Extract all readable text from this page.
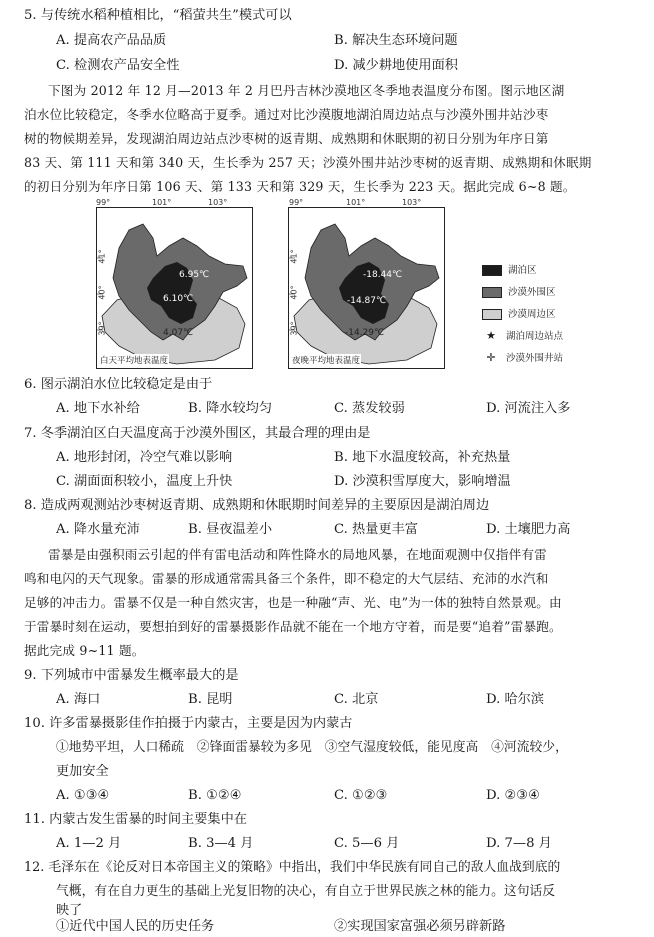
5. 与传统水稻种植相比，“稻萤共生”模式可以
A. 提高农产品品质	B. 解决生态环境问题
C. 检测农产品安全性	D. 减少耕地使用面积
下图为 2012 年 12 月—2013 年 2 月巴丹吉林沙漠地区冬季地表温度分布图。图示地区湖
泊水位比较稳定，冬季水位略高于夏季。通过对比沙漠腹地湖泊周边站点与沙漠外围井站沙枣
树的物候期差异，发现湖泊周边站点沙枣树的返青期、成熟期和休眠期的初日分别为年序日第
83 天、第 111 天和第 340 天，生长季为 257 天；沙漠外围井站沙枣树的返青期、成熟期和休眠期
的初日分别为年序日第 106 天、第 133 天和第 329 天，生长季为 223 天。据此完成 6~8 题。
99°	101°	103°	99°	101°	103°
41°
40°
39°
6.95℃
6.10℃
4.07℃
白天平均地表温度
41°
40°
39°
-18.44℃
-14.87℃
-14.29℃
夜晚平均地表温度
湖泊区
沙漠外围区
沙漠周边区
★ 湖泊周边站点
✛ 沙漠外围井站
6. 图示湖泊水位比较稳定是由于
A. 地下水补给	B. 降水较均匀	C. 蒸发较弱	D. 河流注入多
7. 冬季湖泊区白天温度高于沙漠外围区，其最合理的理由是
A. 地形封闭，冷空气难以影响	B. 地下水温度较高，补充热量
C. 湖面面积较小，温度上升快	D. 沙漠积雪厚度大，影响增温
8. 造成两观测站沙枣树返青期、成熟期和休眠期时间差异的主要原因是湖泊周边
A. 降水量充沛	B. 昼夜温差小	C. 热量更丰富	D. 土壤肥力高
雷暴是由强积雨云引起的伴有雷电活动和阵性降水的局地风暴，在地面观测中仅指伴有雷
鸣和电闪的天气现象。雷暴的形成通常需具备三个条件，即不稳定的大气层结、充沛的水汽和
足够的冲击力。雷暴不仅是一种自然灾害，也是一种融“声、光、电”为一体的独特自然景观。由
于雷暴时刻在运动，要想拍到好的雷暴摄影作品就不能在一个地方守着，而是要“追着”雷暴跑。
据此完成 9~11 题。
9. 下列城市中雷暴发生概率最大的是
A. 海口	B. 昆明	C. 北京	D. 哈尔滨
10. 许多雷暴摄影佳作拍摄于内蒙古，主要是因为内蒙古
①地势平坦，人口稀疏　②锋面雷暴较为多见　③空气湿度较低，能见度高　④河流较少，
更加安全
A. ①③④	B. ①②④	C. ①②③	D. ②③④
11. 内蒙古发生雷暴的时间主要集中在
A. 1—2 月	B. 3—4 月	C. 5—6 月	D. 7—8 月
12. 毛泽东在《论反对日本帝国主义的策略》中指出，我们中华民族有同自己的敌人血战到底的
气概，有在自力更生的基础上光复旧物的决心，有自立于世界民族之林的能力。这句话反
映了
①近代中国人民的历史任务	②实现国家富强必须另辟新路
